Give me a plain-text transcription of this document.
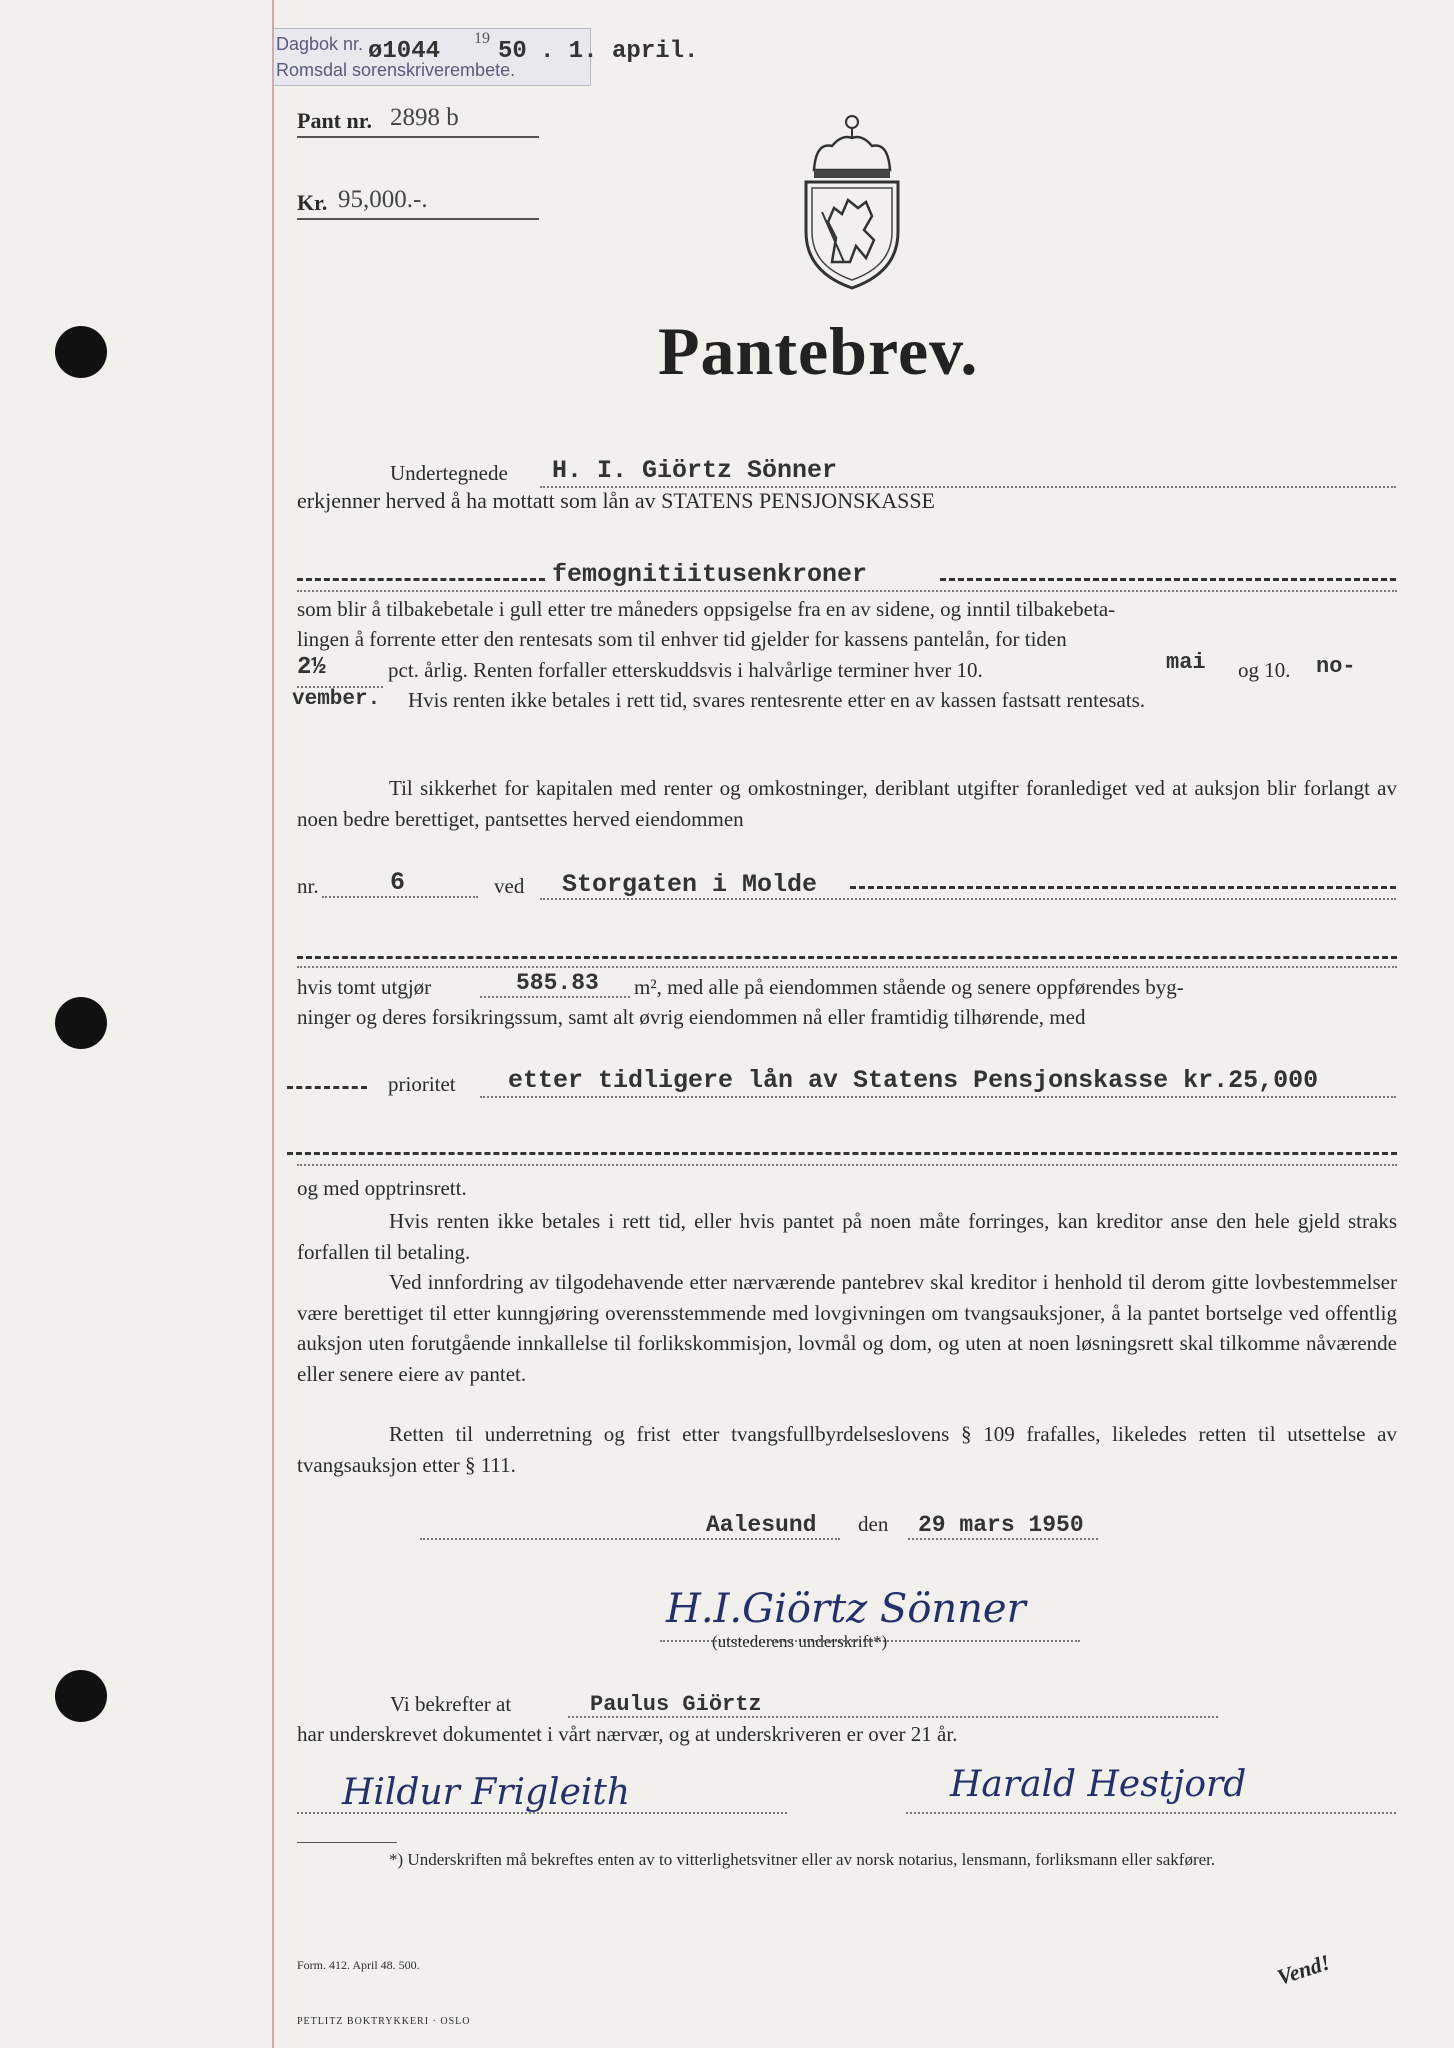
Dagbok nr.
Romsdal sorenskriverembete.
ø1044 19 50 . 1. april.
Pant nr. 2898 b
Kr. 95,000.-.
Pantebrev.
Undertegnede H. I. Giörtz Sönner
erkjenner herved å ha mottatt som lån av STATENS PENSJONSKASSE
femognitiitusenkroner
som blir å tilbakebetale i gull etter tre måneders oppsigelse fra en av sidene, og inntil tilbakebeta-
lingen å forrente etter den rentesats som til enhver tid gjelder for kassens pantelån, for tiden
2½	pct. årlig. Renten forfaller etterskuddsvis i halvårlige terminer hver 10.	mai og 10. no-
vember. Hvis renten ikke betales i rett tid, svares rentesrente etter en av kassen fastsatt rentesats.
Til sikkerhet for kapitalen med renter og omkostninger, deriblant utgifter foranlediget ved at auksjon blir forlangt av noen bedre berettiget, pantsettes herved eiendommen
nr.	6	ved Storgaten i Molde
hvis tomt utgjør	585.83 m², med alle på eiendommen stående og senere oppførendes byg-
ninger og deres forsikringssum, samt alt øvrig eiendommen nå eller framtidig tilhørende, med
prioritet etter tidligere lån av Statens Pensjonskasse kr.25,000
og med opptrinsrett.
Hvis renten ikke betales i rett tid, eller hvis pantet på noen måte forringes, kan kreditor anse den hele gjeld straks forfallen til betaling.
Ved innfordring av tilgodehavende etter nærværende pantebrev skal kreditor i henhold til derom gitte lovbestemmelser være berettiget til etter kunngjøring overensstemmende med lovgivningen om tvangsauksjoner, å la pantet bortselge ved offentlig auksjon uten forutgående innkallelse til forlikskommisjon, lovmål og dom, og uten at noen løsningsrett skal tilkomme nåværende eller senere eiere av pantet.
Retten til underretning og frist etter tvangsfullbyrdelseslovens § 109 frafalles, likeledes retten til utsettelse av tvangsauksjon etter § 111.
Aalesund den 29 mars 1950
H.I.Giörtz Sönner
(utstederens underskrift*)
Vi bekrefter at	Paulus Giörtz
har underskrevet dokumentet i vårt nærvær, og at underskriveren er over 21 år.
Hildur Frigleith	Harald Hestjord
*) Underskriften må bekreftes enten av to vitterlighetsvitner eller av norsk notarius, lensmann, forliksmann eller sakfører.
Form. 412. April 48. 500.
PETLITZ BOKTRYKKERI · OSLO
Vend!
